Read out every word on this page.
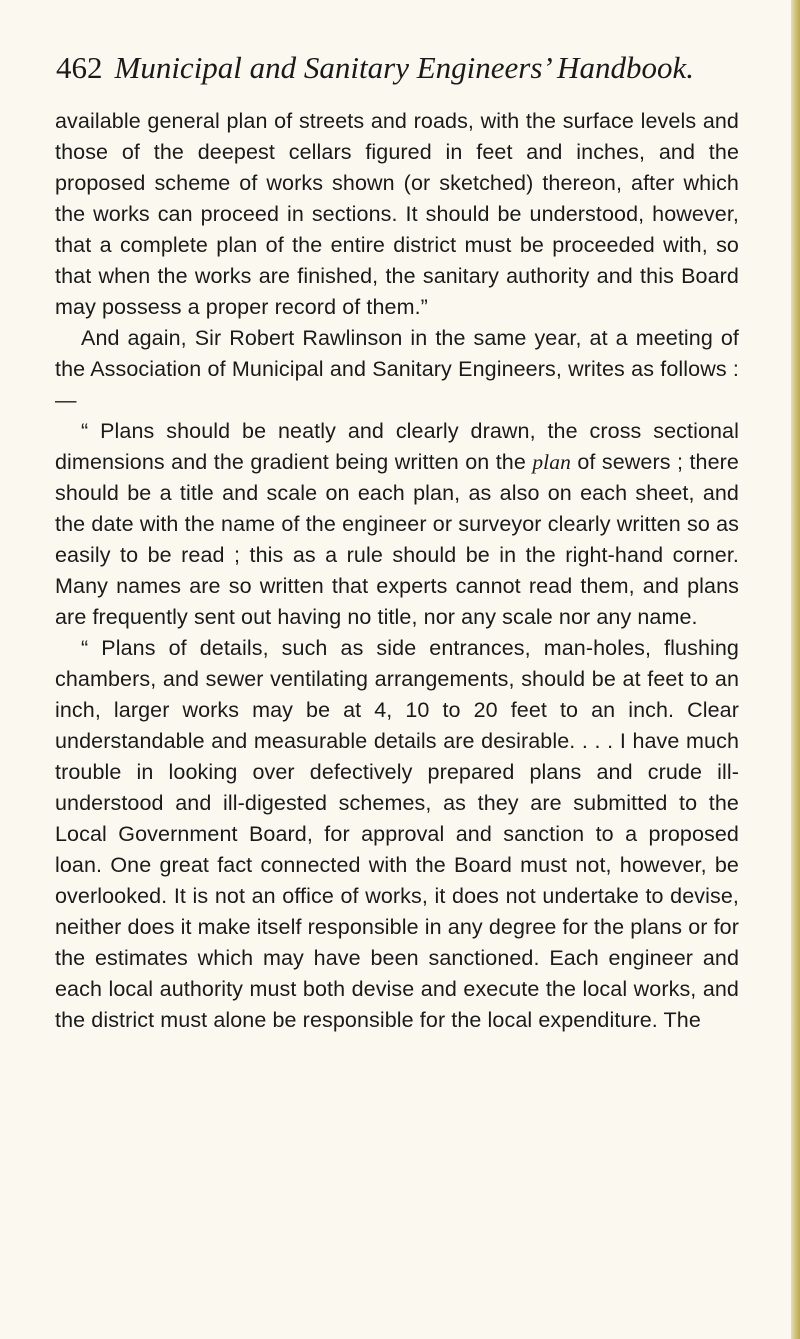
462 Municipal and Sanitary Engineers’ Handbook.

available general plan of streets and roads, with the surface levels and those of the deepest cellars figured in feet and inches, and the proposed scheme of works shown (or sketched) thereon, after which the works can proceed in sections. It should be understood, however, that a complete plan of the entire district must be proceeded with, so that when the works are finished, the sanitary authority and this Board may possess a proper record of them.”

And again, Sir Robert Rawlinson in the same year, at a meeting of the Association of Municipal and Sanitary Engineers, writes as follows :—

“ Plans should be neatly and clearly drawn, the cross sectional dimensions and the gradient being written on the plan of sewers ; there should be a title and scale on each plan, as also on each sheet, and the date with the name of the engineer or surveyor clearly written so as easily to be read ; this as a rule should be in the right-hand corner. Many names are so written that experts cannot read them, and plans are frequently sent out having no title, nor any scale nor any name.

“ Plans of details, such as side entrances, man-holes, flushing chambers, and sewer ventilating arrangements, should be at feet to an inch, larger works may be at 4, 10 to 20 feet to an inch. Clear understandable and measurable details are desirable. . . . I have much trouble in looking over defectively prepared plans and crude ill-understood and ill-digested schemes, as they are submitted to the Local Government Board, for approval and sanction to a proposed loan. One great fact connected with the Board must not, however, be overlooked. It is not an office of works, it does not undertake to devise, neither does it make itself responsible in any degree for the plans or for the estimates which may have been sanctioned. Each engineer and each local authority must both devise and execute the local works, and the district must alone be responsible for the local expenditure. The
